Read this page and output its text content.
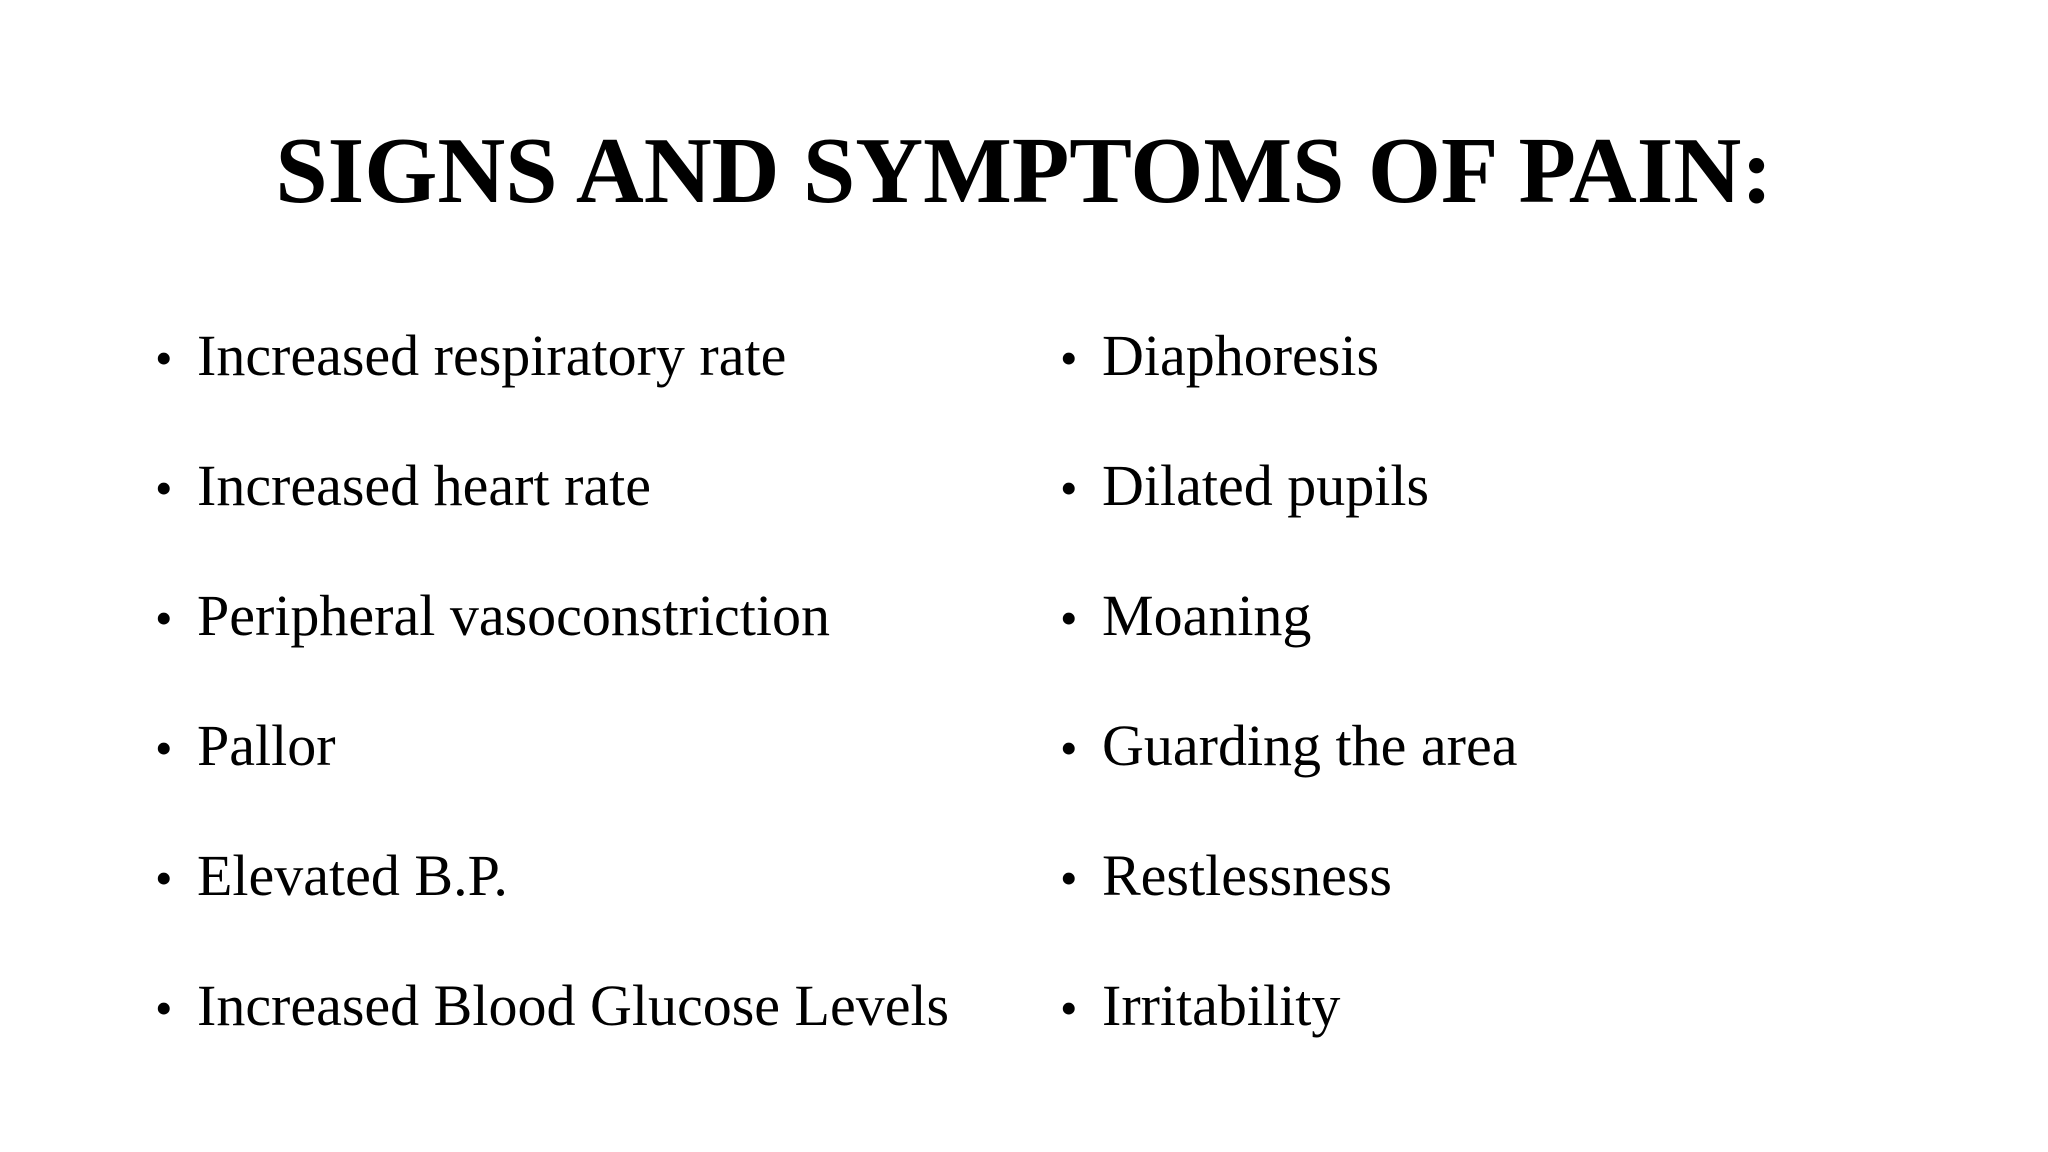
SIGNS AND SYMPTOMS OF PAIN:
• Increased respiratory rate
• Increased heart rate
• Peripheral vasoconstriction
• Pallor
• Elevated B.P.
• Increased Blood Glucose Levels
• Diaphoresis
• Dilated pupils
• Moaning
• Guarding the area
• Restlessness
• Irritability
